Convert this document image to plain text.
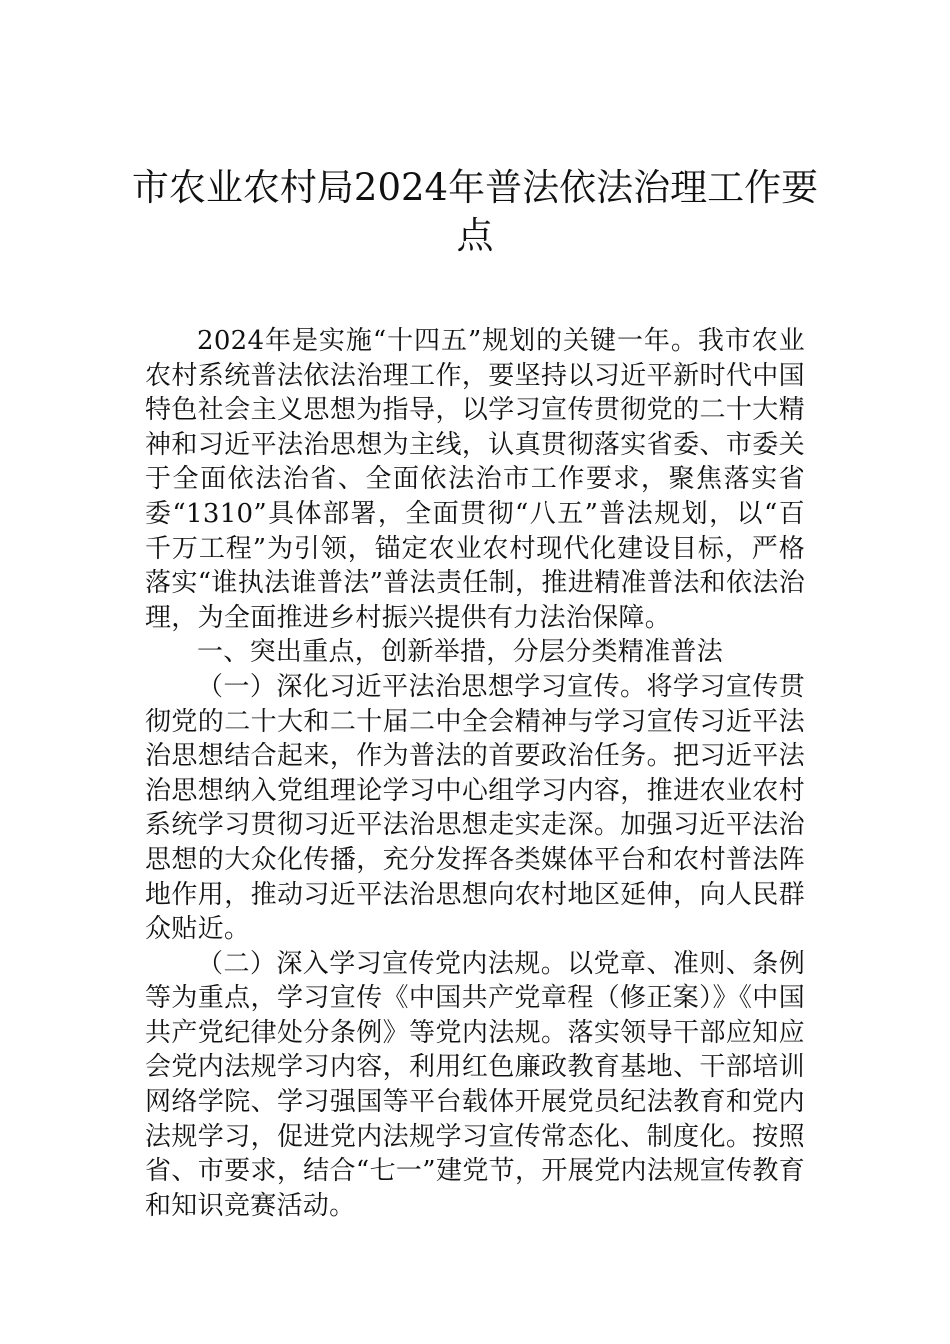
市农业农村局2024年普法依法治理工作要
点

2024年是实施“十四五”规划的关键一年。我市农业农村系统普法依法治理工作，要坚持以习近平新时代中国特色社会主义思想为指导，以学习宣传贯彻党的二十大精神和习近平法治思想为主线，认真贯彻落实省委、市委关于全面依法治省、全面依法治市工作要求，聚焦落实省委“1310”具体部署，全面贯彻“八五”普法规划，以“百千万工程”为引领，锚定农业农村现代化建设目标，严格落实“谁执法谁普法”普法责任制，推进精准普法和依法治理，为全面推进乡村振兴提供有力法治保障。

一、突出重点，创新举措，分层分类精准普法

（一）深化习近平法治思想学习宣传。将学习宣传贯彻党的二十大和二十届二中全会精神与学习宣传习近平法治思想结合起来，作为普法的首要政治任务。把习近平法治思想纳入党组理论学习中心组学习内容，推进农业农村系统学习贯彻习近平法治思想走实走深。加强习近平法治思想的大众化传播，充分发挥各类媒体平台和农村普法阵地作用，推动习近平法治思想向农村地区延伸，向人民群众贴近。

（二）深入学习宣传党内法规。以党章、准则、条例等为重点，学习宣传《中国共产党章程（修正案）》《中国共产党纪律处分条例》等党内法规。落实领导干部应知应会党内法规学习内容，利用红色廉政教育基地、干部培训网络学院、学习强国等平台载体开展党员纪法教育和党内法规学习，促进党内法规学习宣传常态化、制度化。按照省、市要求，结合“七一”建党节，开展党内法规宣传教育和知识竞赛活动。
